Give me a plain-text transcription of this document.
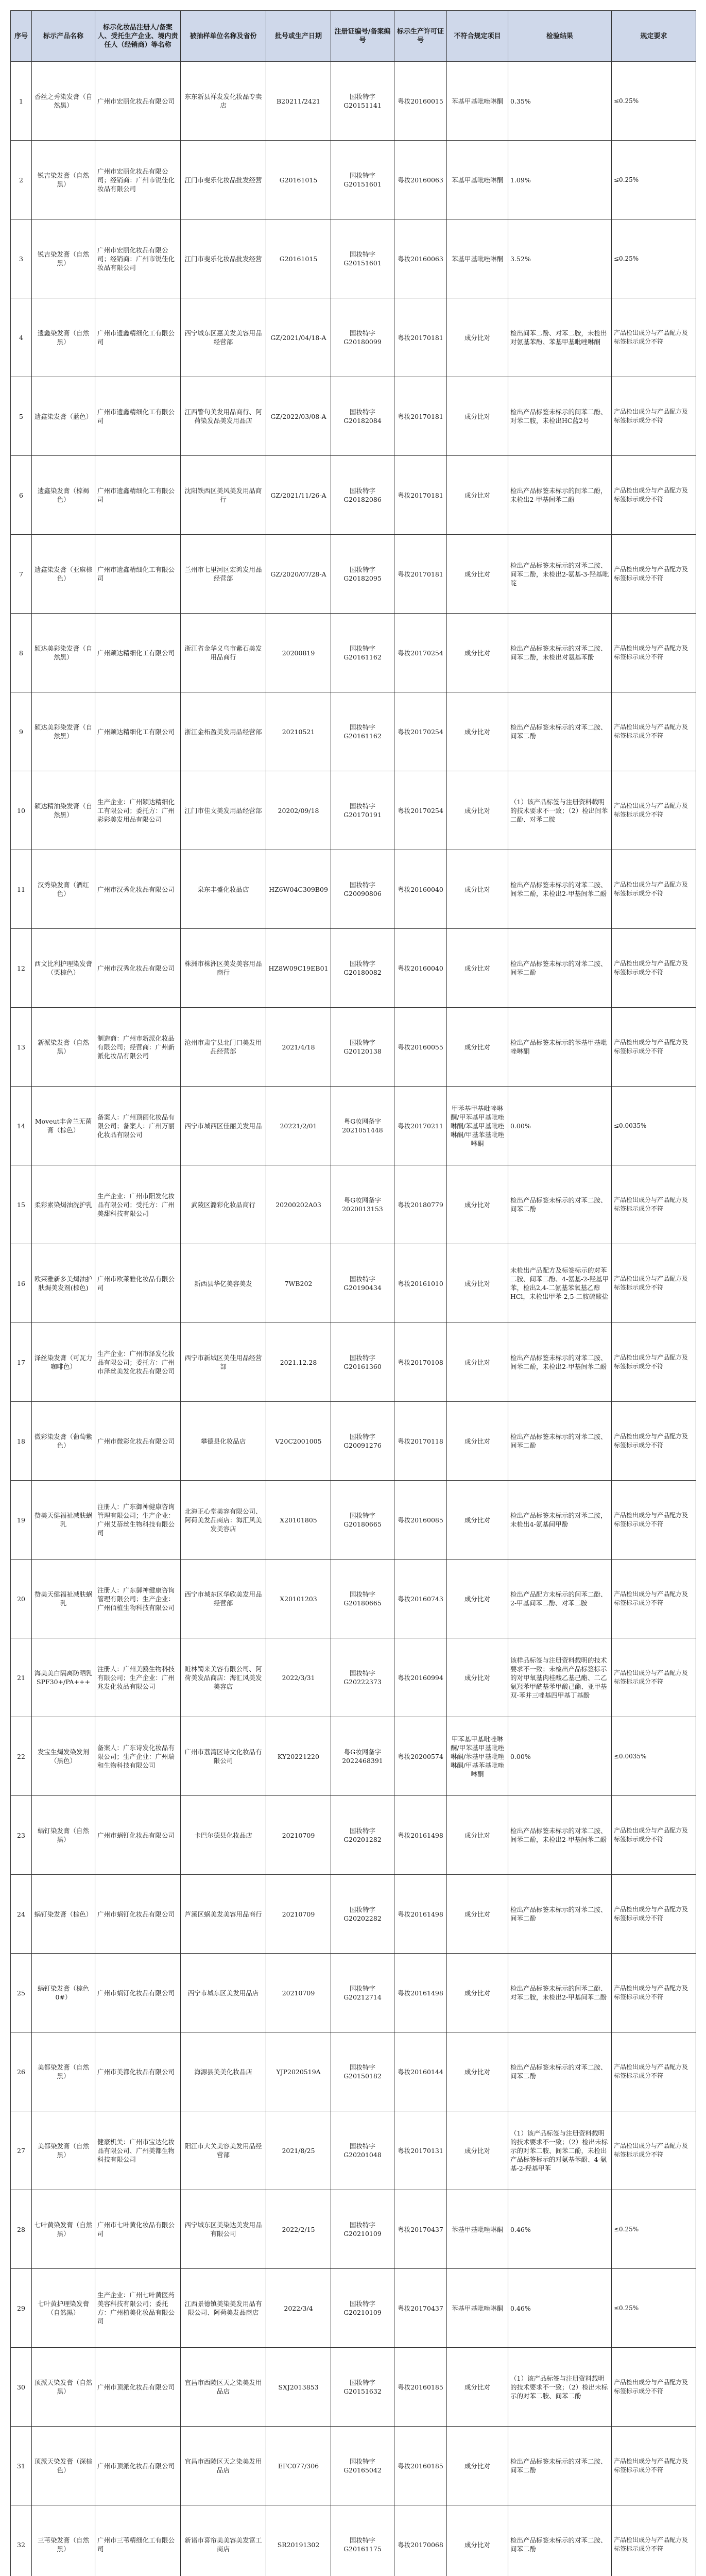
序号	标示产品名称	标示化妆品注册人/备案人、受托生产企业、境内责任人（经销商）等名称	被抽样单位名称及省份	批号或生产日期	注册证编号/备案编号	标示生产许可证号	不符合规定项目	检验结果	规定要求
1	香丝之秀染发膏（自然黑）	广州市宏丽化妆品有限公司	东东新县祥发发化妆品专卖店	B20211/2421	国妆特字G20151141	粤妆20160015	苯基甲基吡唑啉酮	0.35%	≤0.25%
2	锐吉染发膏（自然黑）	广州市宏丽化妆品有限公司；经销商：广州市锐佳化妆品有限公司	江门市斐乐化妆品批发经营	G20161015	国妆特字G20151601	粤妆20160063	苯基甲基吡唑啉酮	1.09%	≤0.25%
3	锐吉染发膏（自然黑）	广州市宏丽化妆品有限公司；经销商：广州市锐佳化妆品有限公司	江门市斐乐化妆品批发经营	G20161015	国妆特字G20151601	粤妆20160063	苯基甲基吡唑啉酮	3.52%	≤0.25%
4	遗鑫染发膏（自然黑）	广州市遗鑫精细化工有限公司	西宁城东区惠美发美容用品经营部	GZ/2021/04/18-A	国妆特字G20180099	粤妆20170181	成分比对	检出间苯二酚、对苯二胺，未检出对氨基苯酚、苯基甲基吡唑啉酮	产品检出成分与产品配方及标签标示成分不符
5	遗鑫染发膏（蓝色）	广州市遗鑫精细化工有限公司	江西警句美发用品商行、阿荷染发品美发用品店	GZ/2022/03/08-A	国妆特字G20182084	粤妆20170181	成分比对	检出产品标签未标示的间苯二酚、对苯二胺，未检出HC蓝2号	产品检出成分与产品配方及标签标示成分不符
6	遗鑫染发膏（棕褐色）	广州市遗鑫精细化工有限公司	沈阳铁西区美风美发用品商行	GZ/2021/11/26-A	国妆特字G20182086	粤妆20170181	成分比对	检出产品标签未标示的间苯二酚，未检出2-甲基间苯二酚	产品检出成分与产品配方及标签标示成分不符
7	遗鑫染发膏（亚麻棕色）	广州市遗鑫精细化工有限公司	兰州市七里河区宏鸿发用品经营部	GZ/2020/07/28-A	国妆特字G20182095	粤妆20170181	成分比对	检出产品标签未标示的对苯二胺、间苯二酚，未检出2-氨基-3-羟基吡啶	产品检出成分与产品配方及标签标示成分不符
8	颖达美彩染发膏（自然黑）	广州颖达精细化工有限公司	浙江省金华义乌市紫石美发用品商行	20200819	国妆特字G20161162	粤妆20170254	成分比对	检出产品标签未标示的对苯二胺、间苯二酚，未检出对氨基苯酚	产品检出成分与产品配方及标签标示成分不符
9	颖达美彩染发膏（自然黑）	广州颖达精细化工有限公司	浙江金柘盈美发用品经营部	20210521	国妆特字G20161162	粤妆20170254	成分比对	检出产品标签未标示的对苯二胺、间苯二酚	产品检出成分与产品配方及标签标示成分不符
10	颖达精油染发膏（自然黑）	生产企业：广州颖达精细化工有限公司；委托方：广州彩彩美发用品有限公司	江门市佳文美发用品经营部	20202/09/18	国妆特字G20170191	粤妆20170254	成分比对	（1）该产品标签与注册资料载明的技术要求不一致；（2）检出间苯二酚、对苯二胺	产品检出成分与产品配方及标签标示成分不符
11	汉秀染发膏（酒红色）	广州市汉秀化妆品有限公司	泉东丰盛化妆品店	HZ6W04C309B09	国妆特字G20090806	粤妆20160040	成分比对	检出产品标签未标示的对苯二胺、间苯二酚，未检出2-甲基间苯二酚	产品检出成分与产品配方及标签标示成分不符
12	西文比利护理染发膏（栗棕色）	广州市汉秀化妆品有限公司	株洲市株洲区美发美容用品商行	HZ8W09C19EB01	国妆特字G20180082	粤妆20160040	成分比对	检出产品标签未标示的对苯二胺、间苯二酚	产品检出成分与产品配方及标签标示成分不符
13	新派染发膏（自然黑）	制造商：广州市新派化妆品有限公司；经营商：广州新派化妆品有限公司	沧州市肃宁县北门口美发用品经营部	2021/4/18	国妆特字G20120138	粤妆20160055	成分比对	检出产品标签未标示的苯基甲基吡唑啉酮	产品检出成分与产品配方及标签标示成分不符
14	Moveut丰舍兰无菌膏（棕色）	备案人：广州顶丽化妆品有限公司；备案人：广州万丽化妆品有限公司	西宁市城西区佳丽美发用品	20221/2/01	粤G妆网备字2021051448	粤妆20170211	甲苯基甲基吡唑啉酮/甲苯基甲基吡唑啉酮/苯基甲基吡唑啉酮/甲基苯基吡唑啉酮	0.00%	≤0.0035%
15	柔彩素染焗油洗护乳	生产企业：广州市阳发化妆品有限公司；受托方：广州美甜科技有限公司	武陵区潞彩化妆品商行	20200202A03	粤G妆网备字2020013153	粤妆20180779	成分比对	检出产品标签未标示的对苯二胺、间苯二酚	产品检出成分与产品配方及标签标示成分不符
16	欧莱雅新多美焗油护肤焗美发剂(棕色)	广州市欧莱雅化妆品有限公司	新西县华亿美容美发	7WB202	国妆特字G20190434	粤妆20161010	成分比对	未检出产品配方及标签标示的对苯二胺、间苯二酚、4-氨基-2-羟基甲苯，检出2,4-二氨基苯氧基乙醇HCl，未检出甲苯-2,5-二胺硫酸盐	产品检出成分与产品配方及标签标示成分不符
17	泽丝染发膏（可瓦力咖啡色）	生产企业：广州市泽发化妆品有限公司；委托方：广州市泽丝美发化妆品有限公司	西宁市新城区美佳用品经营部	2021.12.28	国妆特字G20161360	粤妆20170108	成分比对	检出产品标签未标示的对苯二胺、间苯二酚，未检出2-甲基间苯二酚	产品检出成分与产品配方及标签标示成分不符
18	微彩染发膏（葡萄紫色）	广州市微彩化妆品有限公司	攀德县化妆品店	V20C2001005	国妆特字G20091276	粤妆20170118	成分比对	检出产品标签未标示的对苯二胺、间苯二酚	产品检出成分与产品配方及标签标示成分不符
19	赞美天健福祉减肤蜗乳	注册人：广东御神健康咨询管理有限公司；生产企业：广州艾蓓丝生物科技有限公司	北海正心堂美容有限公司、阿荷美发品商店：海汇风美发美容店	X20101805	国妆特字G20180665	粤妆20160085	成分比对	检出产品标签未标示的对苯二胺，未检出4-氨基间甲酚	产品检出成分与产品配方及标签标示成分不符
20	赞美天健福祉减肤蜗乳	注册人：广东御神健康咨询管理有限公司；生产企业：广州佰植生物科技有限公司	西宁市城东区华欣美发用品经营部	X20101203	国妆特字G20180665	粤妆20160743	成分比对	检出产品配方未标示的间苯二酚、2-甲基间苯二酚、对苯二胺	产品检出成分与产品配方及标签标示成分不符
21	海美美白隔离防晒乳SPF30+/PA+++	注册人：广州美鸥生物科技有限公司；生产企业：广州兆发化妆品有限公司	赃林蜀来美容有限公司、阿荷美发品商店：海汇风美发美容店	2022/3/31	国妆特字G20222373	粤妆20160994	成分比对	该样品标签与注册资料载明的技术要求不一致；未检出产品标签标示的对甲氧基肉桂酸乙基己酯、二乙氨羟苯甲酰基苯甲酸己酯、亚甲基双-苯并三唑基四甲基丁基酚	产品检出成分与产品配方及标签标示成分不符
22	发宝生焗发染发剂（黑色）	备案人：广东诗发化妆品有限公司；生产企业：广州瑞和生物科技有限公司	广州市荔湾区诗文化妆品有限公司	KY20221220	粤G妆网备字2022468391	粤妆20200574	甲苯基甲基吡唑啉酮/甲苯基甲基吡唑啉酮/苯基甲基吡唑啉酮/甲基苯基吡唑啉酮	0.00%	≤0.0035%
23	蜗钉染发膏（自然黑）	广州市蜗钉化妆品有限公司	卡巴尔德县化妆品店	20210709	国妆特字G20201282	粤妆20161498	成分比对	检出产品标签未标示的对苯二胺、间苯二酚，未检出2-甲基间苯二酚	产品检出成分与产品配方及标签标示成分不符
24	蜗钉染发膏（棕色）	广州市蜗钉化妆品有限公司	芦溪区蜗美发美容用品商行	20210709	国妆特字G20202282	粤妆20161498	成分比对	检出产品标签未标示的对苯二胺、间苯二酚	产品检出成分与产品配方及标签标示成分不符
25	蜗钉染发膏（棕色0#）	广州市蜗钉化妆品有限公司	西宁市城东区美发用品店	20210709	国妆特字G20212714	粤妆20161498	成分比对	检出产品标签未标示的间苯二酚、对苯二胺，未检出2-甲基间苯二酚	产品检出成分与产品配方及标签标示成分不符
26	美都染发膏（自然黑）	广州市美都化妆品有限公司	海源县美美化妆品店	YJP2020519A	国妆特字G20150182	粤妆20160144	成分比对	检出产品标签未标示的对苯二胺、间苯二酚	产品检出成分与产品配方及标签标示成分不符
27	美都染发膏（自然黑）	健豪机关：广州市宝达化妆品有限公司、广州美都生物科技有限公司	阳江市大关美容美发用品经营部	2021/8/25	国妆特字G20201048	粤妆20170131	成分比对	（1）该产品标签与注册资料载明的技术要求不一致；（2）检出未标示的对苯二胺、间苯二酚，未检出产品标签标示的对氨基苯酚、4-氨基-2-羟基甲苯	产品检出成分与产品配方及标签标示成分不符
28	七叶黄染发膏（自然黑）	广州市七叶黄化妆品有限公司	西宁城东区美染达美发用品有限公司	2022/2/15	国妆特字G20210109	粤妆20170437	苯基甲基吡唑啉酮	0.46%	≤0.25%
29	七叶黄护理染发膏（自然黑）	生产企业：广州七叶黄医药美容科技有限公司；委托方：广州植美化妆品有限公司	江西景德镇美染美发用品有限公司、阿荷美发品商店	2022/3/4	国妆特字G20210109	粤妆20170437	苯基甲基吡唑啉酮	0.46%	≤0.25%
30	顶派天染发膏（自然黑）	广州市顶派化妆品有限公司	宜昌市西陵区天之染美发用品店	SXJ2013853	国妆特字G20151632	粤妆20160185	成分比对	（1）该产品标签与注册资料载明的技术要求不一致；（2）检出未标示的对苯二胺、间苯二酚	产品检出成分与产品配方及标签标示成分不符
31	顶派天染发膏（深棕色）	广州市顶派化妆品有限公司	宜昌市西陵区天之染美发用品店	EFC077/306	国妆特字G20165042	粤妆20160185	成分比对	检出产品标签未标示的对苯二胺、间苯二酚	产品检出成分与产品配方及标签标示成分不符
32	三苇染发膏（自然黑）	广州市三苇精细化工有限公司	新诸市喜帘美美容美发富工商店	SR20191302	国妆特字G20161175	粤妆20170068	成分比对	检出产品标签未标示的对苯二胺、间苯二酚	产品检出成分与产品配方及标签标示成分不符
